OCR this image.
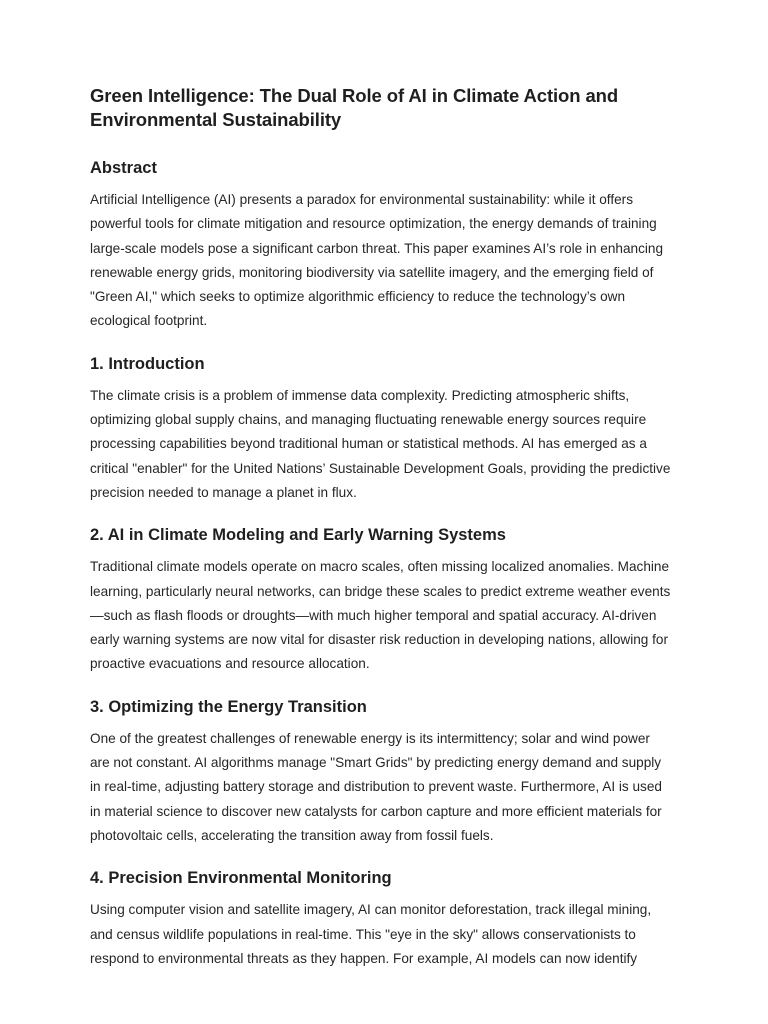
Green Intelligence: The Dual Role of AI in Climate Action and Environmental Sustainability
Abstract

Artificial Intelligence (AI) presents a paradox for environmental sustainability: while it offers powerful tools for climate mitigation and resource optimization, the energy demands of training large-scale models pose a significant carbon threat. This paper examines AI’s role in enhancing renewable energy grids, monitoring biodiversity via satellite imagery, and the emerging field of "Green AI," which seeks to optimize algorithmic efficiency to reduce the technology’s own ecological footprint.

1. Introduction

The climate crisis is a problem of immense data complexity. Predicting atmospheric shifts, optimizing global supply chains, and managing fluctuating renewable energy sources require processing capabilities beyond traditional human or statistical methods. AI has emerged as a critical "enabler" for the United Nations’ Sustainable Development Goals, providing the predictive precision needed to manage a planet in flux.

2. AI in Climate Modeling and Early Warning Systems

Traditional climate models operate on macro scales, often missing localized anomalies. Machine learning, particularly neural networks, can bridge these scales to predict extreme weather events—such as flash floods or droughts—with much higher temporal and spatial accuracy. AI-driven early warning systems are now vital for disaster risk reduction in developing nations, allowing for proactive evacuations and resource allocation.

3. Optimizing the Energy Transition

One of the greatest challenges of renewable energy is its intermittency; solar and wind power are not constant. AI algorithms manage "Smart Grids" by predicting energy demand and supply in real-time, adjusting battery storage and distribution to prevent waste. Furthermore, AI is used in material science to discover new catalysts for carbon capture and more efficient materials for photovoltaic cells, accelerating the transition away from fossil fuels.

4. Precision Environmental Monitoring

Using computer vision and satellite imagery, AI can monitor deforestation, track illegal mining, and census wildlife populations in real-time. This "eye in the sky" allows conservationists to respond to environmental threats as they happen. For example, AI models can now identify
